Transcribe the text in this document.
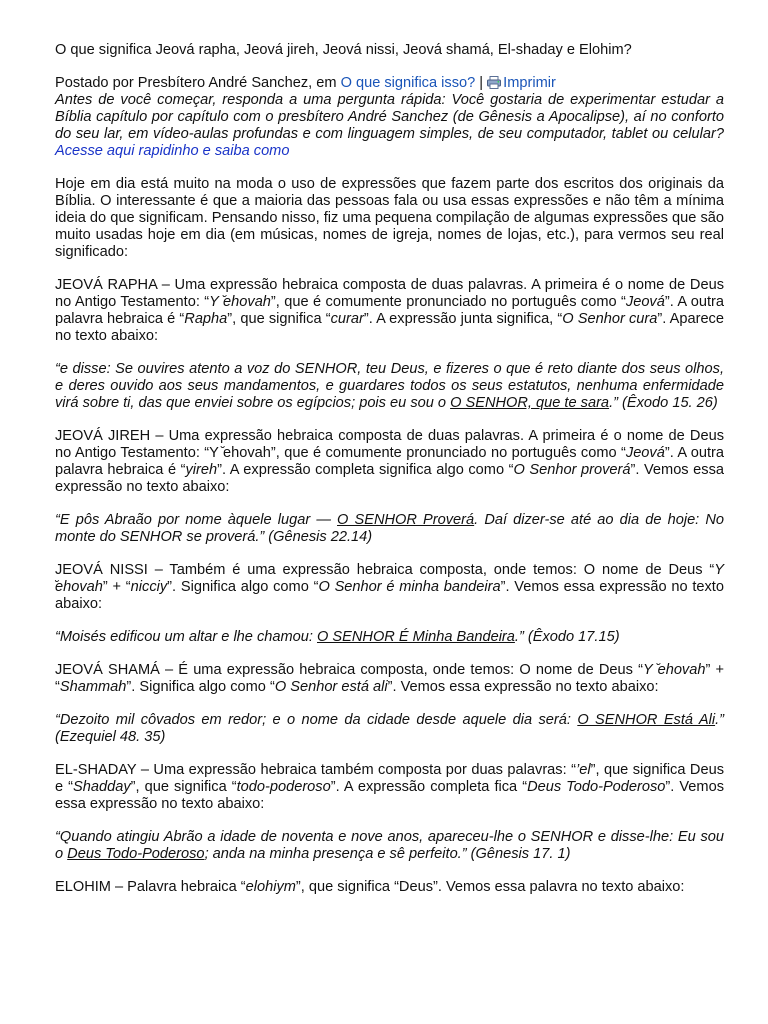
O que significa Jeová rapha, Jeová jireh, Jeová nissi, Jeová shamá, El-shaday e Elohim?

Postado por Presbítero André Sanchez, em O que significa isso? | Imprimir

Antes de você começar, responda a uma pergunta rápida: Você gostaria de experimentar estudar a Bíblia capítulo por capítulo com o presbítero André Sanchez (de Gênesis a Apocalipse), aí no conforto do seu lar, em vídeo-aulas profundas e com linguagem simples, de seu computador, tablet ou celular? Acesse aqui rapidinho e saiba como

Hoje em dia está muito na moda o uso de expressões que fazem parte dos escritos dos originais da Bíblia. O interessante é que a maioria das pessoas fala ou usa essas expressões e não têm a mínima ideia do que significam. Pensando nisso, fiz uma pequena compilação de algumas expressões que são muito usadas hoje em dia (em músicas, nomes de igreja, nomes de lojas, etc.), para vermos seu real significado:

JEOVÁ RAPHA – Uma expressão hebraica composta de duas palavras. A primeira é o nome de Deus no Antigo Testamento: “Y ̆ehovah”, que é comumente pronunciado no português como “Jeová”. A outra palavra hebraica é “Rapha”, que significa “curar”. A expressão junta significa, “O Senhor cura”. Aparece no texto abaixo:

“e disse: Se ouvires atento a voz do SENHOR, teu Deus, e fizeres o que é reto diante dos seus olhos, e deres ouvido aos seus mandamentos, e guardares todos os seus estatutos, nenhuma enfermidade virá sobre ti, das que enviei sobre os egípcios; pois eu sou o O SENHOR, que te sara.” (Êxodo 15. 26)

JEOVÁ JIREH – Uma expressão hebraica composta de duas palavras. A primeira é o nome de Deus no Antigo Testamento: “Y ̆ehovah”, que é comumente pronunciado no português como “Jeová”. A outra palavra hebraica é “yireh”. A expressão completa significa algo como “O Senhor proverá”. Vemos essa expressão no texto abaixo:

“E pôs Abraão por nome àquele lugar — O SENHOR Proverá. Daí dizer-se até ao dia de hoje: No monte do SENHOR se proverá.” (Gênesis 22.14)

JEOVÁ NISSI – Também é uma expressão hebraica composta, onde temos: O nome de Deus “Y ̆ehovah” + “nicciy”. Significa algo como “O Senhor é minha bandeira”. Vemos essa expressão no texto abaixo:

“Moisés edificou um altar e lhe chamou: O SENHOR É Minha Bandeira.” (Êxodo 17.15)

JEOVÁ SHAMÁ – É uma expressão hebraica composta, onde temos: O nome de Deus “Y ̆ehovah” + “Shammah”. Significa algo como “O Senhor está ali”. Vemos essa expressão no texto abaixo:

“Dezoito mil côvados em redor; e o nome da cidade desde aquele dia será: O SENHOR Está Ali.” (Ezequiel 48. 35)

EL-SHADAY – Uma expressão hebraica também composta por duas palavras: “’el”, que significa Deus e “Shadday”, que significa “todo-poderoso”. A expressão completa fica “Deus Todo-Poderoso”. Vemos essa expressão no texto abaixo:

“Quando atingiu Abrão a idade de noventa e nove anos, apareceu-lhe o SENHOR e disse-lhe: Eu sou o Deus Todo-Poderoso; anda na minha presença e sê perfeito.” (Gênesis 17. 1)

ELOHIM – Palavra hebraica “elohiym”, que significa “Deus”. Vemos essa palavra no texto abaixo:
